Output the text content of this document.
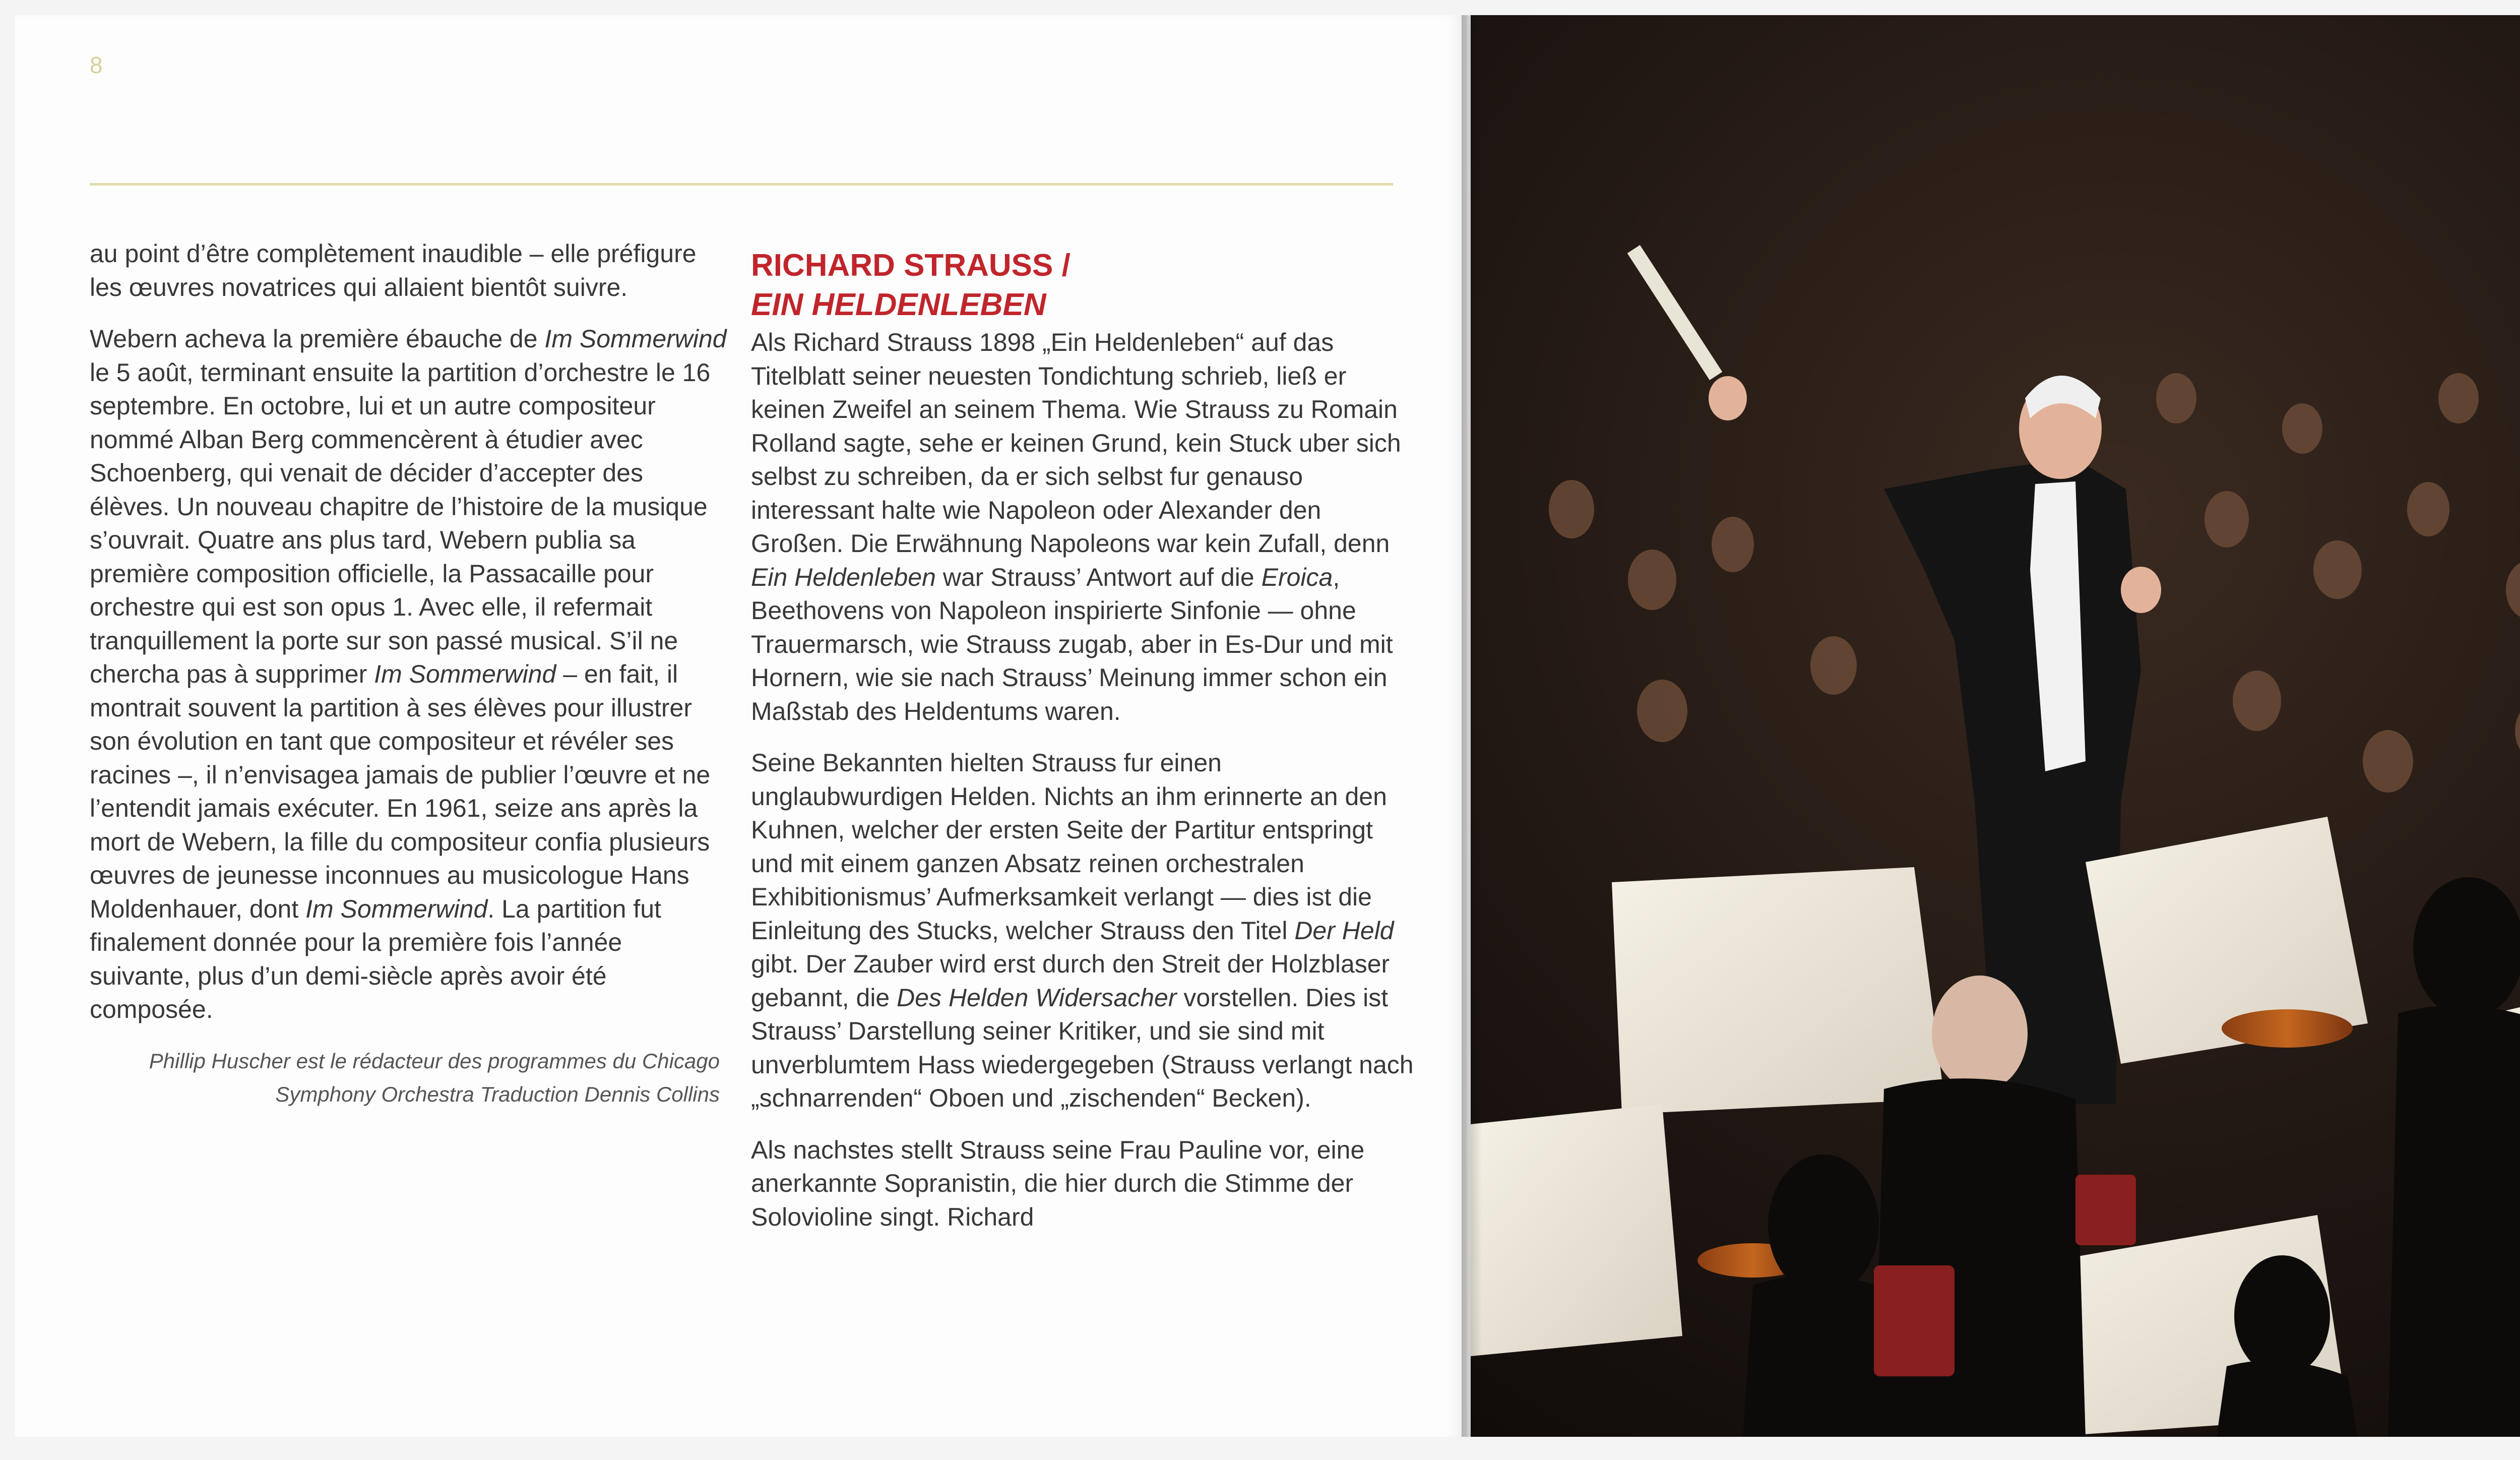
8

au point d’être complètement inaudible – elle préfigure les œuvres novatrices qui allaient bientôt suivre.

Webern acheva la première ébauche de Im Sommerwind le 5 août, terminant ensuite la partition d’orchestre le 16 septembre. En octobre, lui et un autre compositeur nommé Alban Berg commencèrent à étudier avec Schoenberg, qui venait de décider d’accepter des élèves. Un nouveau chapitre de l’histoire de la musique s’ouvrait. Quatre ans plus tard, Webern publia sa première composition officielle, la Passacaille pour orchestre qui est son opus 1. Avec elle, il refermait tranquillement la porte sur son passé musical. S’il ne chercha pas à supprimer Im Sommerwind – en fait, il montrait souvent la partition à ses élèves pour illustrer son évolution en tant que compositeur et révéler ses racines –, il n’envisagea jamais de publier l’œuvre et ne l’entendit jamais exécuter. En 1961, seize ans après la mort de Webern, la fille du compositeur confia plusieurs œuvres de jeunesse inconnues au musicologue Hans Moldenhauer, dont Im Sommerwind. La partition fut finalement donnée pour la première fois l’année suivante, plus d’un demi-siècle après avoir été composée.

Phillip Huscher est le rédacteur des programmes du Chicago
Symphony Orchestra Traduction Dennis Collins
RICHARD STRAUSS /
EIN HELDENLEBEN

Als Richard Strauss 1898 „Ein Heldenleben“ auf das Titelblatt seiner neuesten Tondichtung schrieb, ließ er keinen Zweifel an seinem Thema. Wie Strauss zu Romain Rolland sagte, sehe er keinen Grund, kein Stuck uber sich selbst zu schreiben, da er sich selbst fur genauso interessant halte wie Napoleon oder Alexander den Großen. Die Erwähnung Napoleons war kein Zufall, denn Ein Heldenleben war Strauss’ Antwort auf die Eroica, Beethovens von Napoleon inspirierte Sinfonie — ohne Trauermarsch, wie Strauss zugab, aber in Es-Dur und mit Hornern, wie sie nach Strauss’ Meinung immer schon ein Maßstab des Heldentums waren.

Seine Bekannten hielten Strauss fur einen unglaubwurdigen Helden. Nichts an ihm erinnerte an den Kuhnen, welcher der ersten Seite der Partitur entspringt und mit einem ganzen Absatz reinen orchestralen Exhibitionismus’ Aufmerksamkeit verlangt — dies ist die Einleitung des Stucks, welcher Strauss den Titel Der Held gibt. Der Zauber wird erst durch den Streit der Holzblaser gebannt, die Des Helden Widersacher vorstellen. Dies ist Strauss’ Darstellung seiner Kritiker, und sie sind mit unverblumtem Hass wiedergegeben (Strauss verlangt nach „schnarrenden“ Oboen und „zischenden“ Becken).

Als nachstes stellt Strauss seine Frau Pauline vor, eine anerkannte Sopranistin, die hier durch die Stimme der Solovioline singt. Richard
